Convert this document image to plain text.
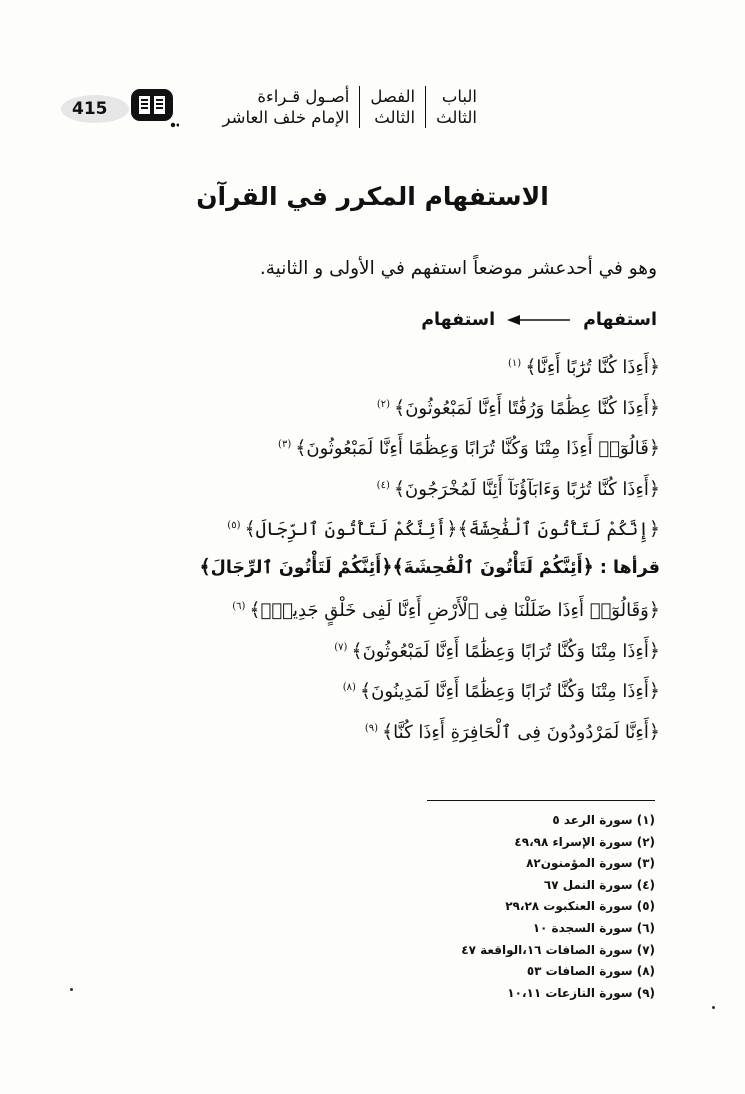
الباب
الثالث
الفصل
الثالث
أصـول قـراءة
الإمام خلف العاشر
415
الاستفهام المكرر في القرآن
وهو في أحدعشر موضعاً استفهم في الأولى و الثانية.
استفهام
استفهام
﴿أَءِذَا كُنَّا تُرَٰبًا أَءِنَّا﴾$^{(١)}$
﴿أَءِذَا كُنَّا عِظَٰمًا وَرُفَٰتًا أَءِنَّا لَمَبْعُوثُونَ﴾$^{(٢)}$
﴿قَالُوٓا۟ أَءِذَا مِتْنَا وَكُنَّا تُرَابًا وَعِظَٰمًا أَءِنَّا لَمَبْعُوثُونَ﴾$^{(٣)}$
﴿أَءِذَا كُنَّا تُرَٰبًا وَءَابَآؤُنَآ أَئِنَّا لَمُخْرَجُونَ﴾$^{(٤)}$
﴿إِنَّكُمْ لَتَأْتُونَ ٱلْفَٰحِشَةَ﴾﴿أَئِنَّكُمْ لَتَأْتُونَ ٱلرِّجَالَ﴾$^{(٥)}$
قرأها : ﴿أَئِنَّكُمْ لَتَأْتُونَ ٱلْفَٰحِشَةَ﴾﴿أَئِنَّكُمْ لَتَأْتُونَ ٱلرِّجَالَ﴾
﴿وَقَالُوٓا۟ أَءِذَا ضَلَلْنَا فِى ٱلْأَرْضِ أَءِنَّا لَفِى خَلْقٍ جَدِيدٍۭ﴾$^{(٦)}$
﴿أَءِذَا مِتْنَا وَكُنَّا تُرَابًا وَعِظَٰمًا أَءِنَّا لَمَبْعُوثُونَ﴾$^{(٧)}$
﴿أَءِذَا مِتْنَا وَكُنَّا تُرَابًا وَعِظَٰمًا أَءِنَّا لَمَدِينُونَ﴾$^{(٨)}$
﴿أَءِنَّا لَمَرْدُودُونَ فِى ٱلْحَافِرَةِ أَءِذَا كُنَّا﴾$^{(٩)}$
(١) سورة الرعد ٥
(٢) سورة الإسراء ٤٩،٩٨
(٣) سورة المؤمنون٨٢
(٤) سورة النمل ٦٧
(٥) سورة العنكبوت ٢٩،٢٨
(٦) سورة السجدة ١٠
(٧) سورة الصافات ١٦،الواقعة ٤٧
(٨) سورة الصافات ٥٣
(٩) سورة النازعات ١٠،١١
